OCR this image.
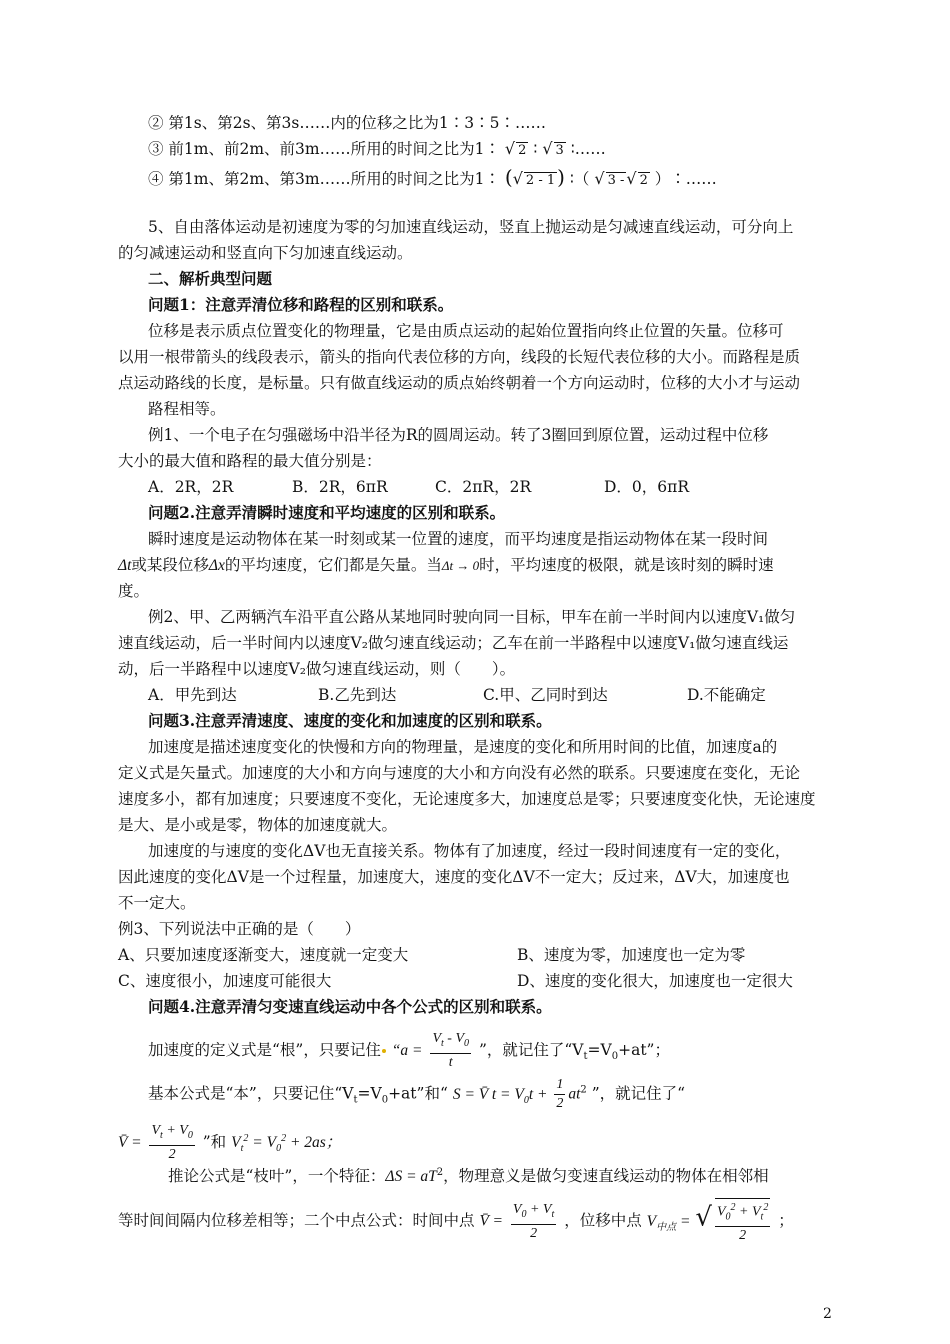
② 第1s、第2s、第3s……内的位移之比为1∶3∶5∶……
③ 前1m、前2m、前3m……所用的时间之比为1∶ √ 2 ∶ √ 3 ∶……
④ 第1m、第2m、第3m……所用的时间之比为1∶ (√ 2 - 1 ) ∶（ √ 3 -√ 2 ）∶……
5、自由落体运动是初速度为零的匀加速直线运动，竖直上抛运动是匀减速直线运动，可分向上
的匀减速运动和竖直向下匀加速直线运动。
二、解析典型问题
问题1：注意弄清位移和路程的区别和联系。
位移是表示质点位置变化的物理量，它是由质点运动的起始位置指向终止位置的矢量。位移可
以用一根带箭头的线段表示，箭头的指向代表位移的方向，线段的长短代表位移的大小。而路程是质
点运动路线的长度，是标量。只有做直线运动的质点始终朝着一个方向运动时，位移的大小才与运动
路程相等。
例1、一个电子在匀强磁场中沿半径为R的圆周运动。转了3圈回到原位置，运动过程中位移
大小的最大值和路程的最大值分别是：
A．2R，2R	B．2R，6πR	C．2πR，2R	D．0，6πR
问题2.注意弄清瞬时速度和平均速度的区别和联系。
瞬时速度是运动物体在某一时刻或某一位置的速度，而平均速度是指运动物体在某一段时间
Δt或某段位移Δx的平均速度，它们都是矢量。当Δt → 0时，平均速度的极限，就是该时刻的瞬时速
度。
例2、甲、乙两辆汽车沿平直公路从某地同时驶向同一目标，甲车在前一半时间内以速度V₁做匀
速直线运动，后一半时间内以速度V₂做匀速直线运动；乙车在前一半路程中以速度V₁做匀速直线运
动，后一半路程中以速度V₂做匀速直线运动，则（　　）。
A．甲先到达	B.乙先到达	C.甲、乙同时到达	D.不能确定
问题3.注意弄清速度、速度的变化和加速度的区别和联系。
加速度是描述速度变化的快慢和方向的物理量，是速度的变化和所用时间的比值，加速度a的
定义式是矢量式。加速度的大小和方向与速度的大小和方向没有必然的联系。只要速度在变化，无论
速度多小，都有加速度；只要速度不变化，无论速度多大，加速度总是零；只要速度变化快，无论速度
是大、是小或是零，物体的加速度就大。
加速度的与速度的变化ΔV也无直接关系。物体有了加速度，经过一段时间速度有一定的变化，
因此速度的变化ΔV是一个过程量，加速度大，速度的变化ΔV不一定大；反过来，ΔV大，加速度也
不一定大。
例3、下列说法中正确的是（　　）
A、只要加速度逐渐变大，速度就一定变大	B、速度为零，加速度也一定为零
C、速度很小，加速度可能很大	D、速度的变化很大，加速度也一定很大
问题4.注意弄清匀变速直线运动中各个公式的区别和联系。
加速度的定义式是“根”，只要记住 “$a = \frac{V_t - V_0}{t}$ ”，就记住了“$V_t=V_0+at$”；
基本公式是“本”，只要记住“$V_t=V_0+at$”和“ S = V̄ $t = V_0t + \frac{1}{2} at^2$ ”，就记住了“
V̄ = $\frac{V_t + V_0}{2}$ ”和 $V_t^2 = V_0^2 + 2as$；
推论公式是“枝叶”，一个特征：$\Delta S = aT^2$，物理意义是做匀变速直线运动的物体在相邻相
等时间间隔内位移差相等；二个中点公式：时间中点 V̄ = $\frac{V_0 + V_t}{2}$ ，位移中点 $V_{中点}$ = √ $\frac{V_0^2 + V_t^2}{2}$ ；
2
